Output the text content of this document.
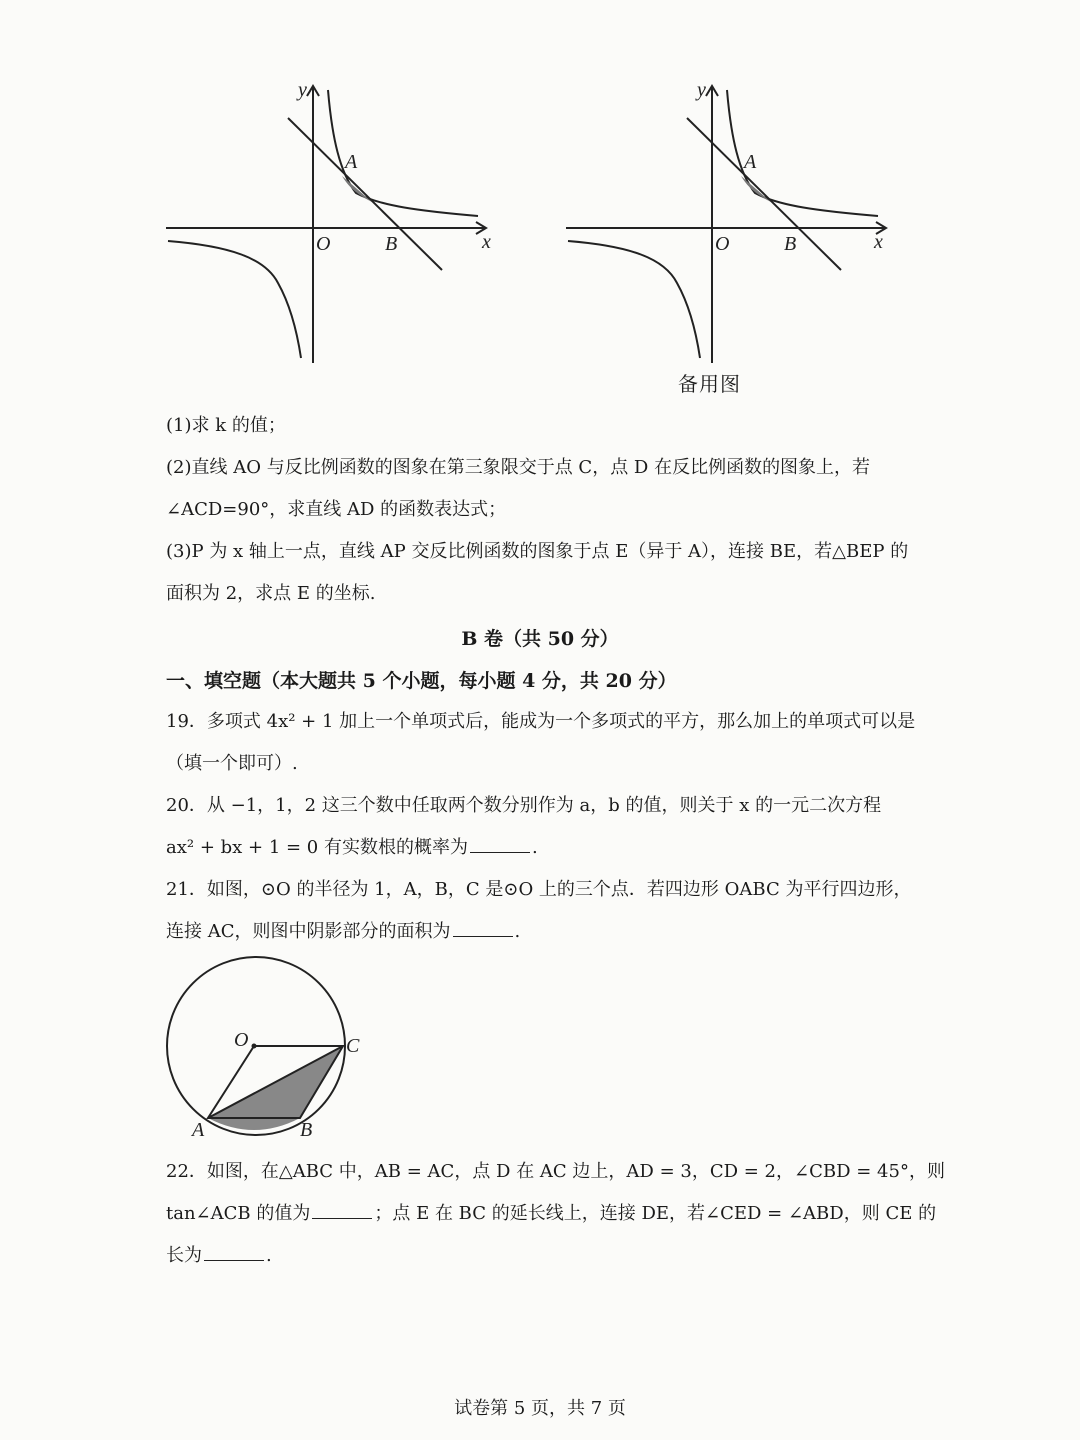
y
x
O
A
B
y
x
O
A
B
备用图
(1)求 k 的值；
(2)直线 AO 与反比例函数的图象在第三象限交于点 C，点 D 在反比例函数的图象上，若
∠ACD=90°，求直线 AD 的函数表达式；
(3)P 为 x 轴上一点，直线 AP 交反比例函数的图象于点 E（异于 A），连接 BE，若△BEP 的
面积为 2，求点 E 的坐标.
B 卷（共 50 分）
一、填空题（本大题共 5 个小题，每小题 4 分，共 20 分）
19．多项式 4x² + 1 加上一个单项式后，能成为一个多项式的平方，那么加上的单项式可以是
（填一个即可）.
20．从 −1，1，2 这三个数中任取两个数分别作为 a，b 的值，则关于 x 的一元二次方程
ax² + bx + 1 = 0 有实数根的概率为	.
21．如图，⊙O 的半径为 1，A，B，C 是⊙O 上的三个点．若四边形 OABC 为平行四边形，
连接 AC，则图中阴影部分的面积为	.
O	C
A	B
22．如图，在△ABC 中，AB = AC，点 D 在 AC 边上，AD = 3，CD = 2，∠CBD = 45°，则
tan∠ACB 的值为	；点 E 在 BC 的延长线上，连接 DE，若∠CED = ∠ABD，则 CE 的
长为	.
试卷第 5 页，共 7 页
